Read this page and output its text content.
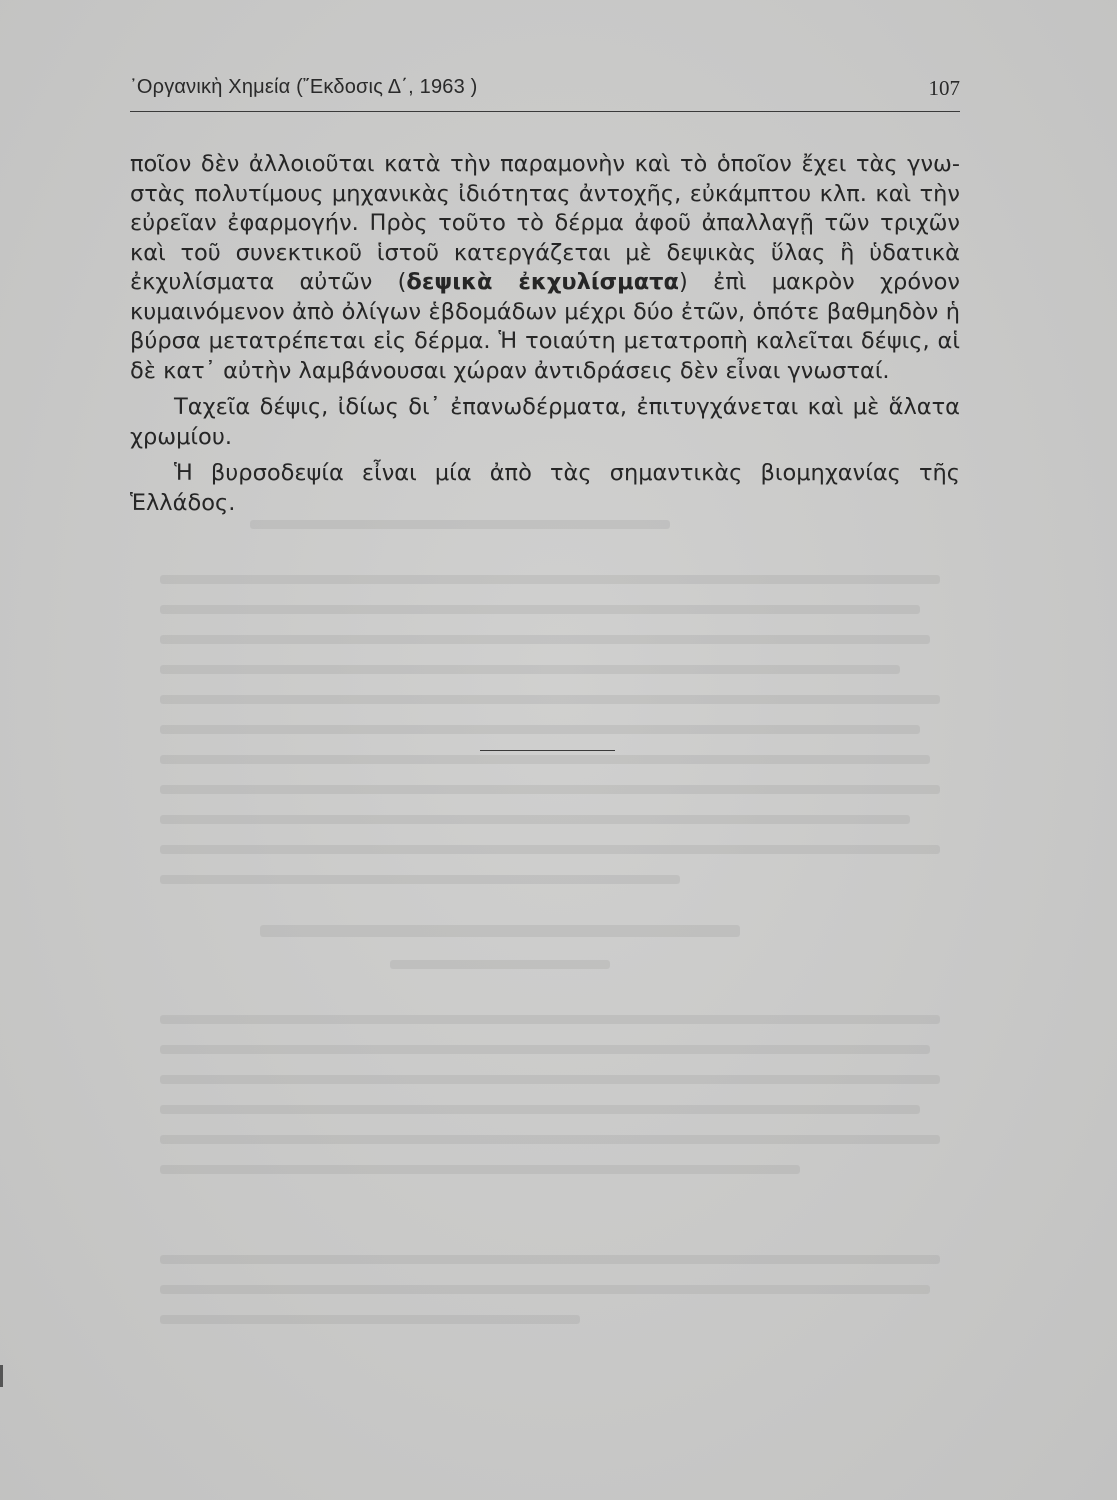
᾿Οργανικὴ Χημεία (῎Εκδοσις Δ΄, 1963 )	107

ποῖον δὲν ἀλλοιοῦται κατὰ τὴν παραμονὴν καὶ τὸ ὁποῖον ἔχει τὰς γνωστὰς πολυτίμους μηχανικὰς ἰδιότητας ἀντοχῆς, εὐκάμπτου κλπ. καὶ τὴν εὐρεῖαν ἐφαρμογήν. Πρὸς τοῦτο τὸ δέρμα ἀφοῦ ἀπαλλαγῇ τῶν τριχῶν καὶ τοῦ συνεκτικοῦ ἱστοῦ κατεργάζεται μὲ δεψικὰς ὕλας ἢ ὑδατικὰ ἐκχυλίσματα αὐτῶν (δεψικὰ ἐκχυλίσματα) ἐπὶ μακρὸν χρόνον κυμαινόμενον ἀπὸ ὀλίγων ἑβδομάδων μέχρι δύο ἐτῶν, ὁπότε βαθμηδὸν ἡ βύρσα μετατρέπεται εἰς δέρμα. Ἡ τοιαύτη μετατροπὴ καλεῖται δέψις, αἱ δὲ κατ᾿ αὐτὴν λαμβάνουσαι χώραν ἀντιδράσεις δὲν εἶναι γνωσταί.

Ταχεῖα δέψις, ἰδίως δι᾿ ἐπανωδέρματα, ἐπιτυγχάνεται καὶ μὲ ἅλατα χρωμίου.

Ἡ βυρσοδεψία εἶναι μία ἀπὸ τὰς σημαντικὰς βιομηχανίας τῆς Ἑλλάδος.
